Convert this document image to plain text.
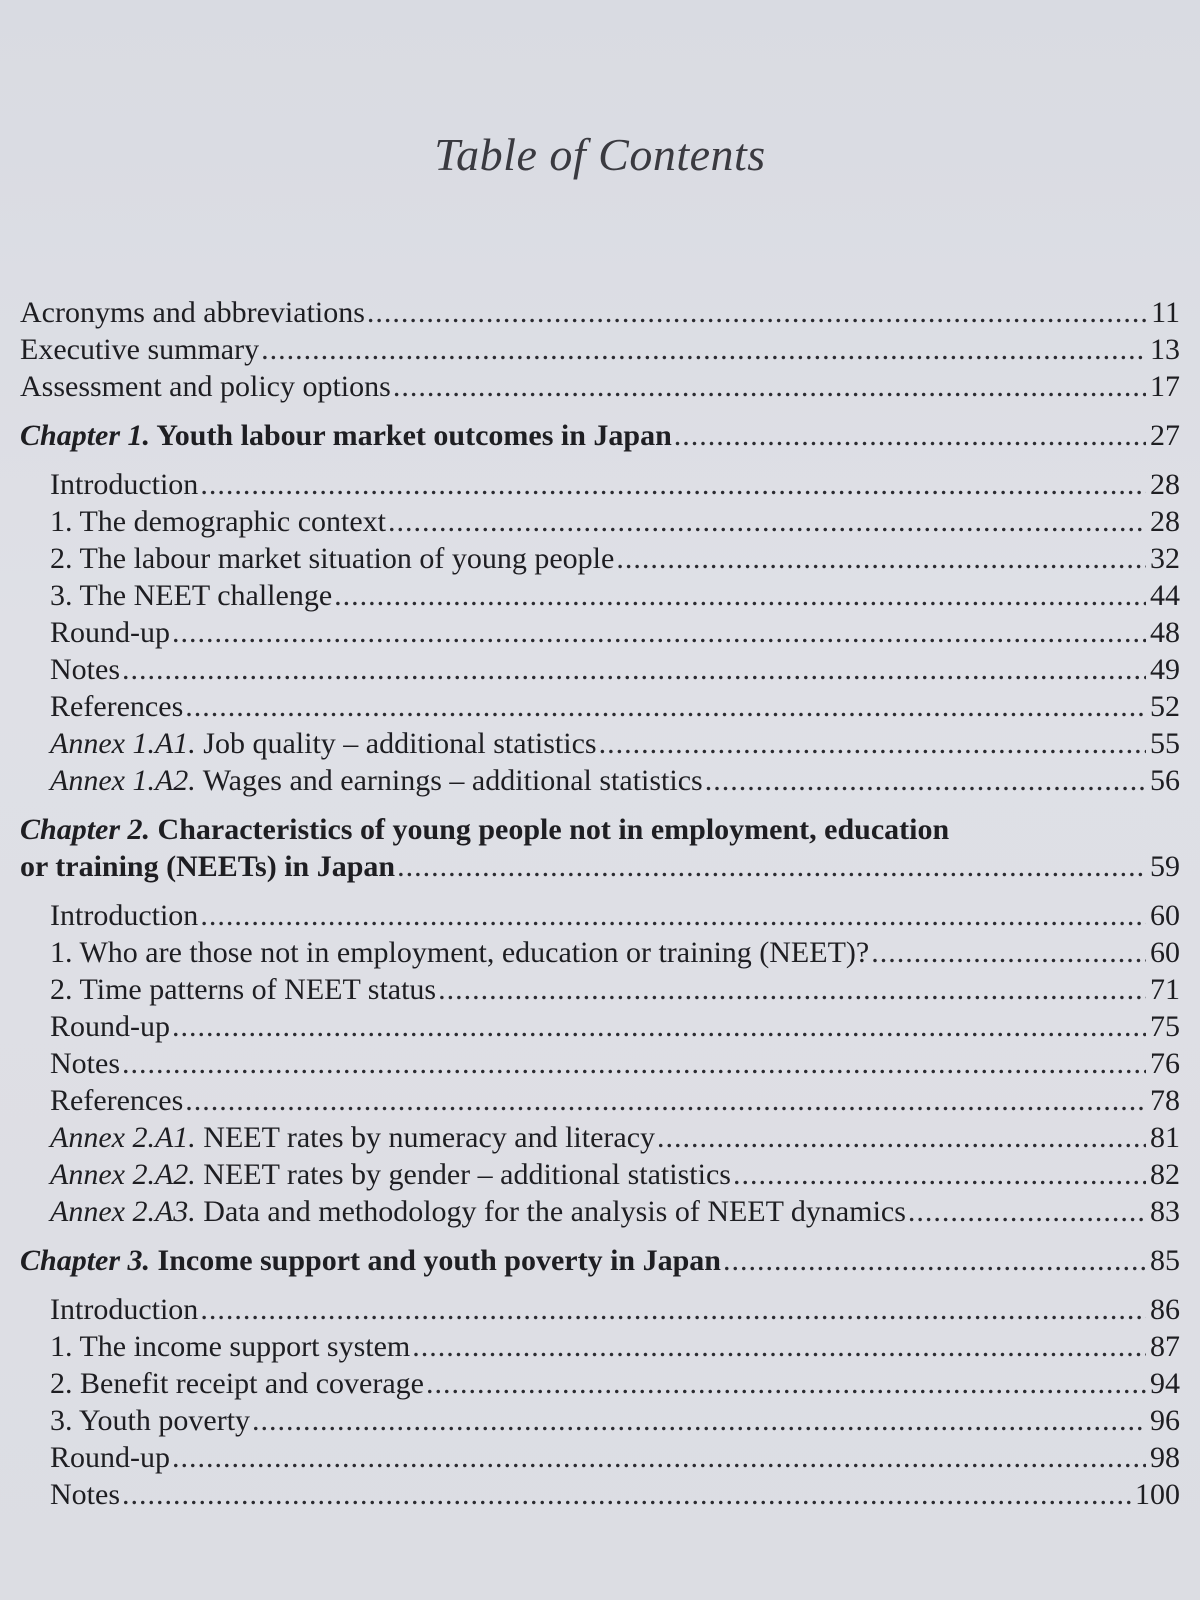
Table of Contents
Acronyms and abbreviations .....	11
Executive summary .....	13
Assessment and policy options .....	17
Chapter 1. Youth labour market outcomes in Japan .....	27
Introduction .....	28
1. The demographic context .....	28
2. The labour market situation of young people .....	32
3. The NEET challenge .....	44
Round-up .....	48
Notes .....	49
References .....	52
Annex 1.A1. Job quality – additional statistics .....	55
Annex 1.A2. Wages and earnings – additional statistics .....	56
Chapter 2. Characteristics of young people not in employment, education
or training (NEETs) in Japan .....	59
Introduction .....	60
1. Who are those not in employment, education or training (NEET)? .....	60
2. Time patterns of NEET status .....	71
Round-up .....	75
Notes .....	76
References .....	78
Annex 2.A1. NEET rates by numeracy and literacy .....	81
Annex 2.A2. NEET rates by gender – additional statistics .....	82
Annex 2.A3. Data and methodology for the analysis of NEET dynamics .....	83
Chapter 3. Income support and youth poverty in Japan .....	85
Introduction .....	86
1. The income support system .....	87
2. Benefit receipt and coverage .....	94
3. Youth poverty .....	96
Round-up .....	98
Notes .....	100
